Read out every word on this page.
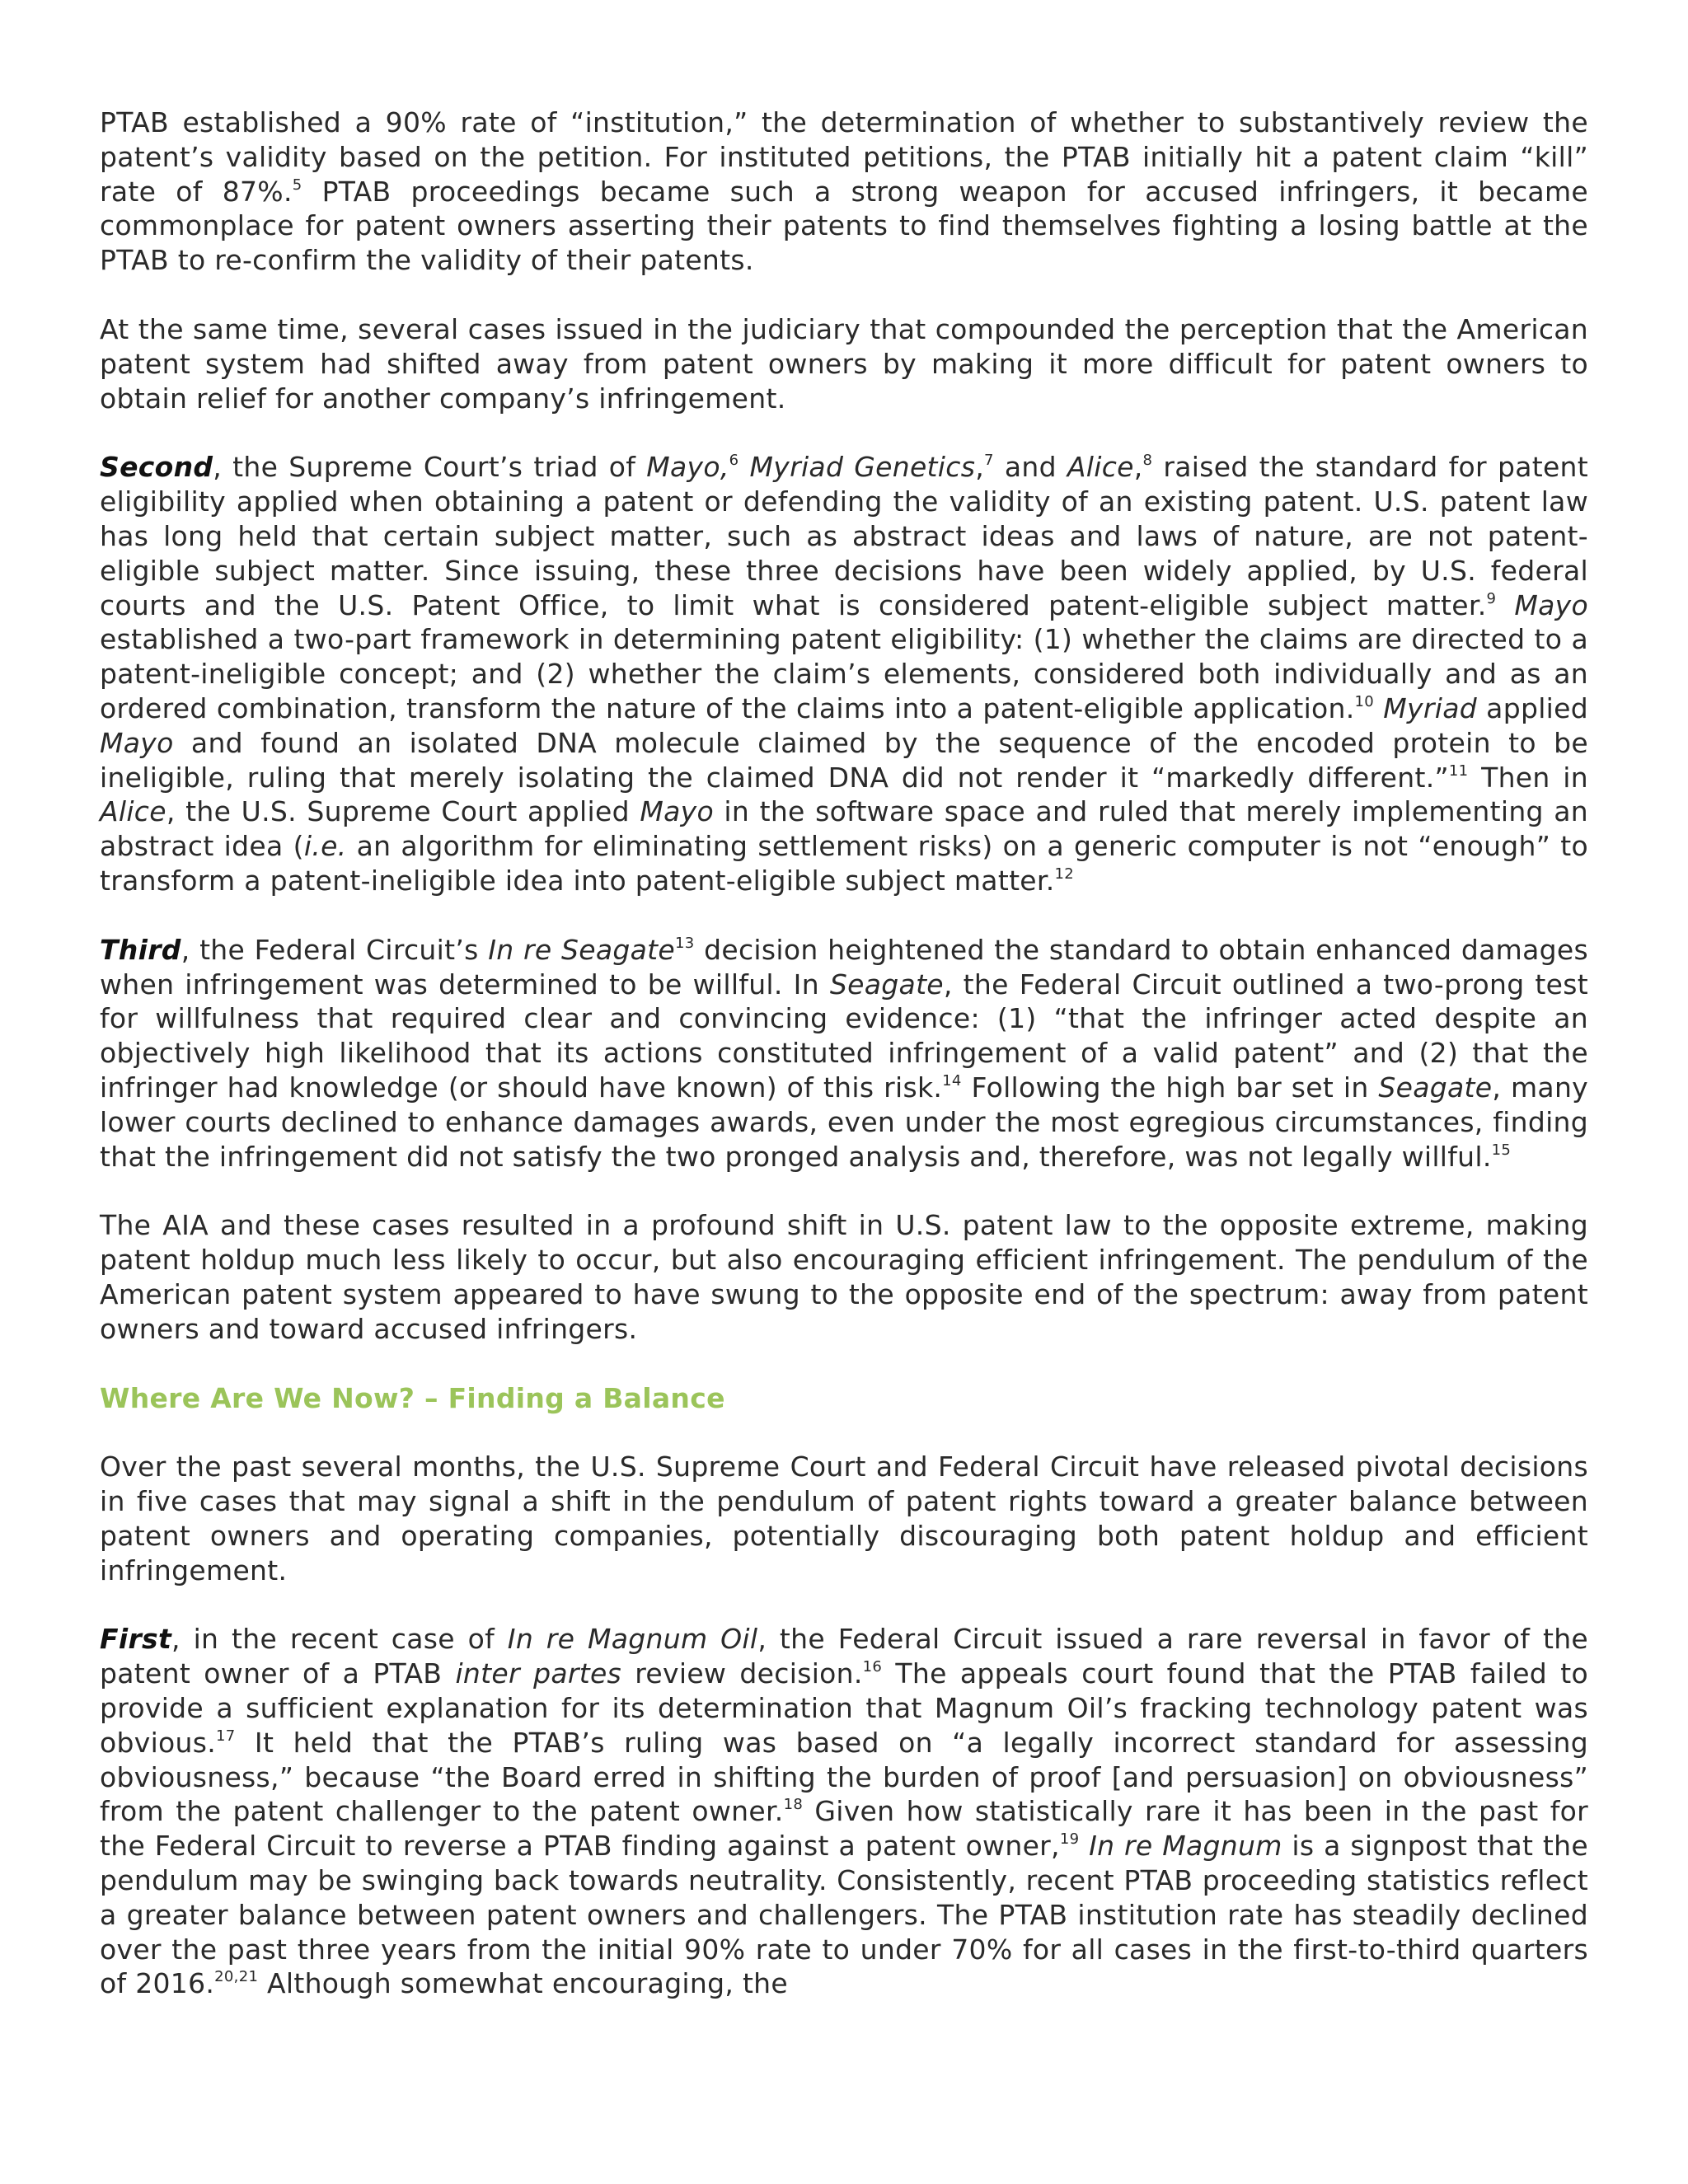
PTAB established a 90% rate of “institution,” the determination of whether to substantively review the patent’s validity based on the petition. For instituted petitions, the PTAB initially hit a patent claim “kill” rate of 87%.$^5$ PTAB proceedings became such a strong weapon for accused infringers, it became commonplace for patent owners asserting their patents to find themselves fighting a losing battle at the PTAB to re-confirm the validity of their patents.

At the same time, several cases issued in the judiciary that compounded the perception that the American patent system had shifted away from patent owners by making it more difficult for patent owners to obtain relief for another company’s infringement.

Second, the Supreme Court’s triad of Mayo,$^6$ Myriad Genetics,$^7$ and Alice,$^8$ raised the standard for patent eligibility applied when obtaining a patent or defending the validity of an existing patent. U.S. patent law has long held that certain subject matter, such as abstract ideas and laws of nature, are not patent-eligible subject matter. Since issuing, these three decisions have been widely applied, by U.S. federal courts and the U.S. Patent Office, to limit what is considered patent-eligible subject matter.$^9$ Mayo established a two-part framework in determining patent eligibility: (1) whether the claims are directed to a patent-ineligible concept; and (2) whether the claim’s elements, considered both individually and as an ordered combination, transform the nature of the claims into a patent-eligible application.$^{10}$ Myriad applied Mayo and found an isolated DNA molecule claimed by the sequence of the encoded protein to be ineligible, ruling that merely isolating the claimed DNA did not render it “markedly different.”$^{11}$ Then in Alice, the U.S. Supreme Court applied Mayo in the software space and ruled that merely implementing an abstract idea (i.e. an algorithm for eliminating settlement risks) on a generic computer is not “enough” to transform a patent-ineligible idea into patent-eligible subject matter.$^{12}$

Third, the Federal Circuit’s In re Seagate$^{13}$ decision heightened the standard to obtain enhanced damages when infringement was determined to be willful. In Seagate, the Federal Circuit outlined a two-prong test for willfulness that required clear and convincing evidence: (1) “that the infringer acted despite an objectively high likelihood that its actions constituted infringement of a valid patent” and (2) that the infringer had knowledge (or should have known) of this risk.$^{14}$ Following the high bar set in Seagate, many lower courts declined to enhance damages awards, even under the most egregious circumstances, finding that the infringement did not satisfy the two pronged analysis and, therefore, was not legally willful.$^{15}$

The AIA and these cases resulted in a profound shift in U.S. patent law to the opposite extreme, making patent holdup much less likely to occur, but also encouraging efficient infringement. The pendulum of the American patent system appeared to have swung to the opposite end of the spectrum: away from patent owners and toward accused infringers.

Where Are We Now? – Finding a Balance

Over the past several months, the U.S. Supreme Court and Federal Circuit have released pivotal decisions in five cases that may signal a shift in the pendulum of patent rights toward a greater balance between patent owners and operating companies, potentially discouraging both patent holdup and efficient infringement.

First, in the recent case of In re Magnum Oil, the Federal Circuit issued a rare reversal in favor of the patent owner of a PTAB inter partes review decision.$^{16}$ The appeals court found that the PTAB failed to provide a sufficient explanation for its determination that Magnum Oil’s fracking technology patent was obvious.$^{17}$ It held that the PTAB’s ruling was based on “a legally incorrect standard for assessing obviousness,” because “the Board erred in shifting the burden of proof [and persuasion] on obviousness” from the patent challenger to the patent owner.$^{18}$ Given how statistically rare it has been in the past for the Federal Circuit to reverse a PTAB finding against a patent owner,$^{19}$ In re Magnum is a signpost that the pendulum may be swinging back towards neutrality. Consistently, recent PTAB proceeding statistics reflect a greater balance between patent owners and challengers. The PTAB institution rate has steadily declined over the past three years from the initial 90% rate to under 70% for all cases in the first-to-third quarters of 2016.$^{20,21}$ Although somewhat encouraging, the
